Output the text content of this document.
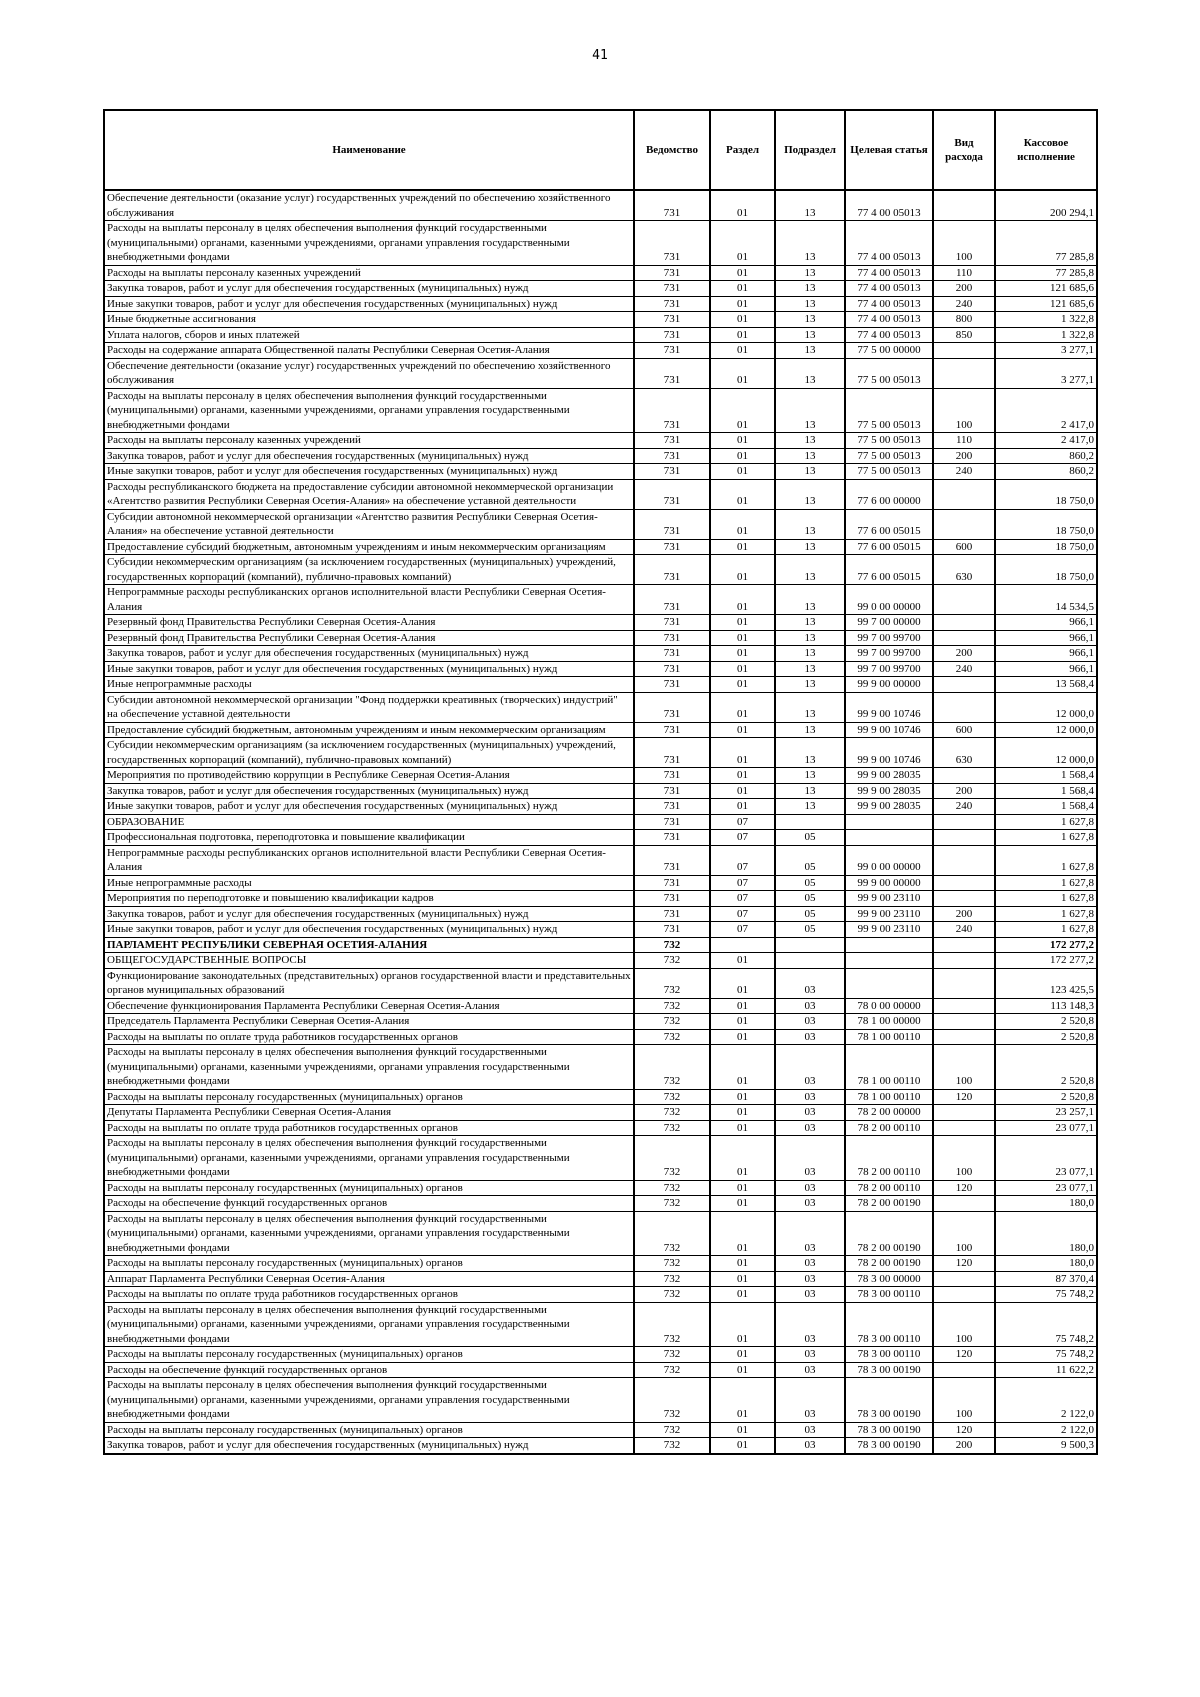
41
Наименование	Ведомство	Раздел	Подраздел	Целевая статья	Вид расхода	Кассовое исполнение
Обеспечение деятельности (оказание услуг) государственных учреждений по обеспечению хозяйственного обслуживания	731	01	13	77 4 00 05013		200 294,1
Расходы на выплаты персоналу в целях обеспечения выполнения функций государственными (муниципальными) органами, казенными учреждениями, органами управления государственными внебюджетными фондами	731	01	13	77 4 00 05013	100	77 285,8
Расходы на выплаты персоналу казенных учреждений	731	01	13	77 4 00 05013	110	77 285,8
Закупка товаров, работ и услуг для обеспечения государственных (муниципальных) нужд	731	01	13	77 4 00 05013	200	121 685,6
Иные закупки товаров, работ и услуг для обеспечения государственных (муниципальных) нужд	731	01	13	77 4 00 05013	240	121 685,6
Иные бюджетные ассигнования	731	01	13	77 4 00 05013	800	1 322,8
Уплата налогов, сборов и иных платежей	731	01	13	77 4 00 05013	850	1 322,8
Расходы на содержание аппарата Общественной палаты Республики Северная Осетия-Алания	731	01	13	77 5 00 00000		3 277,1
Обеспечение деятельности (оказание услуг) государственных учреждений по обеспечению хозяйственного обслуживания	731	01	13	77 5 00 05013		3 277,1
Расходы на выплаты персоналу в целях обеспечения выполнения функций государственными (муниципальными) органами, казенными учреждениями, органами управления государственными внебюджетными фондами	731	01	13	77 5 00 05013	100	2 417,0
Расходы на выплаты персоналу казенных учреждений	731	01	13	77 5 00 05013	110	2 417,0
Закупка товаров, работ и услуг для обеспечения государственных (муниципальных) нужд	731	01	13	77 5 00 05013	200	860,2
Иные закупки товаров, работ и услуг для обеспечения государственных (муниципальных) нужд	731	01	13	77 5 00 05013	240	860,2
Расходы республиканского бюджета на предоставление субсидии автономной некоммерческой организации «Агентство развития Республики Северная Осетия-Алания» на обеспечение уставной деятельности	731	01	13	77 6 00 00000		18 750,0
Субсидии автономной некоммерческой организации «Агентство развития Республики Северная Осетия-Алания» на обеспечение уставной деятельности	731	01	13	77 6 00 05015		18 750,0
Предоставление субсидий бюджетным, автономным учреждениям и иным некоммерческим организациям	731	01	13	77 6 00 05015	600	18 750,0
Субсидии некоммерческим организациям (за исключением государственных (муниципальных) учреждений, государственных корпораций (компаний), публично-правовых компаний)	731	01	13	77 6 00 05015	630	18 750,0
Непрограммные расходы республиканских органов исполнительной власти Республики Северная Осетия-Алания	731	01	13	99 0 00 00000		14 534,5
Резервный фонд Правительства Республики Северная Осетия-Алания	731	01	13	99 7 00 00000		966,1
Резервный фонд Правительства Республики Северная Осетия-Алания	731	01	13	99 7 00 99700		966,1
Закупка товаров, работ и услуг для обеспечения государственных (муниципальных) нужд	731	01	13	99 7 00 99700	200	966,1
Иные закупки товаров, работ и услуг для обеспечения государственных (муниципальных) нужд	731	01	13	99 7 00 99700	240	966,1
Иные непрограммные расходы	731	01	13	99 9 00 00000		13 568,4
Субсидии автономной некоммерческой организации "Фонд поддержки креативных (творческих) индустрий" на обеспечение уставной деятельности	731	01	13	99 9 00 10746		12 000,0
Предоставление субсидий бюджетным, автономным учреждениям и иным некоммерческим организациям	731	01	13	99 9 00 10746	600	12 000,0
Субсидии некоммерческим организациям (за исключением государственных (муниципальных) учреждений, государственных корпораций (компаний), публично-правовых компаний)	731	01	13	99 9 00 10746	630	12 000,0
Мероприятия по противодействию коррупции в Республике Северная Осетия-Алания	731	01	13	99 9 00 28035		1 568,4
Закупка товаров, работ и услуг для обеспечения государственных (муниципальных) нужд	731	01	13	99 9 00 28035	200	1 568,4
Иные закупки товаров, работ и услуг для обеспечения государственных (муниципальных) нужд	731	01	13	99 9 00 28035	240	1 568,4
ОБРАЗОВАНИЕ	731	07				1 627,8
Профессиональная подготовка, переподготовка и повышение квалификации	731	07	05			1 627,8
Непрограммные расходы республиканских органов исполнительной власти Республики Северная Осетия-Алания	731	07	05	99 0 00 00000		1 627,8
Иные непрограммные расходы	731	07	05	99 9 00 00000		1 627,8
Мероприятия по переподготовке и повышению квалификации кадров	731	07	05	99 9 00 23110		1 627,8
Закупка товаров, работ и услуг для обеспечения государственных (муниципальных) нужд	731	07	05	99 9 00 23110	200	1 627,8
Иные закупки товаров, работ и услуг для обеспечения государственных (муниципальных) нужд	731	07	05	99 9 00 23110	240	1 627,8
ПАРЛАМЕНТ РЕСПУБЛИКИ СЕВЕРНАЯ ОСЕТИЯ-АЛАНИЯ	732					172 277,2
ОБЩЕГОСУДАРСТВЕННЫЕ ВОПРОСЫ	732	01				172 277,2
Функционирование законодательных (представительных) органов государственной власти и представительных органов муниципальных образований	732	01	03			123 425,5
Обеспечение функционирования Парламента Республики Северная Осетия-Алания	732	01	03	78 0 00 00000		113 148,3
Председатель Парламента Республики Северная Осетия-Алания	732	01	03	78 1 00 00000		2 520,8
Расходы на выплаты по оплате труда работников государственных органов	732	01	03	78 1 00 00110		2 520,8
Расходы на выплаты персоналу в целях обеспечения выполнения функций государственными (муниципальными) органами, казенными учреждениями, органами управления государственными внебюджетными фондами	732	01	03	78 1 00 00110	100	2 520,8
Расходы на выплаты персоналу государственных (муниципальных) органов	732	01	03	78 1 00 00110	120	2 520,8
Депутаты Парламента Республики Северная Осетия-Алания	732	01	03	78 2 00 00000		23 257,1
Расходы на выплаты по оплате труда работников государственных органов	732	01	03	78 2 00 00110		23 077,1
Расходы на выплаты персоналу в целях обеспечения выполнения функций государственными (муниципальными) органами, казенными учреждениями, органами управления государственными внебюджетными фондами	732	01	03	78 2 00 00110	100	23 077,1
Расходы на выплаты персоналу государственных (муниципальных) органов	732	01	03	78 2 00 00110	120	23 077,1
Расходы на обеспечение функций государственных органов	732	01	03	78 2 00 00190		180,0
Расходы на выплаты персоналу в целях обеспечения выполнения функций государственными (муниципальными) органами, казенными учреждениями, органами управления государственными внебюджетными фондами	732	01	03	78 2 00 00190	100	180,0
Расходы на выплаты персоналу государственных (муниципальных) органов	732	01	03	78 2 00 00190	120	180,0
Аппарат Парламента Республики Северная Осетия-Алания	732	01	03	78 3 00 00000		87 370,4
Расходы на выплаты по оплате труда работников государственных органов	732	01	03	78 3 00 00110		75 748,2
Расходы на выплаты персоналу в целях обеспечения выполнения функций государственными (муниципальными) органами, казенными учреждениями, органами управления государственными внебюджетными фондами	732	01	03	78 3 00 00110	100	75 748,2
Расходы на выплаты персоналу государственных (муниципальных) органов	732	01	03	78 3 00 00110	120	75 748,2
Расходы на обеспечение функций государственных органов	732	01	03	78 3 00 00190		11 622,2
Расходы на выплаты персоналу в целях обеспечения выполнения функций государственными (муниципальными) органами, казенными учреждениями, органами управления государственными внебюджетными фондами	732	01	03	78 3 00 00190	100	2 122,0
Расходы на выплаты персоналу государственных (муниципальных) органов	732	01	03	78 3 00 00190	120	2 122,0
Закупка товаров, работ и услуг для обеспечения государственных (муниципальных) нужд	732	01	03	78 3 00 00190	200	9 500,3
